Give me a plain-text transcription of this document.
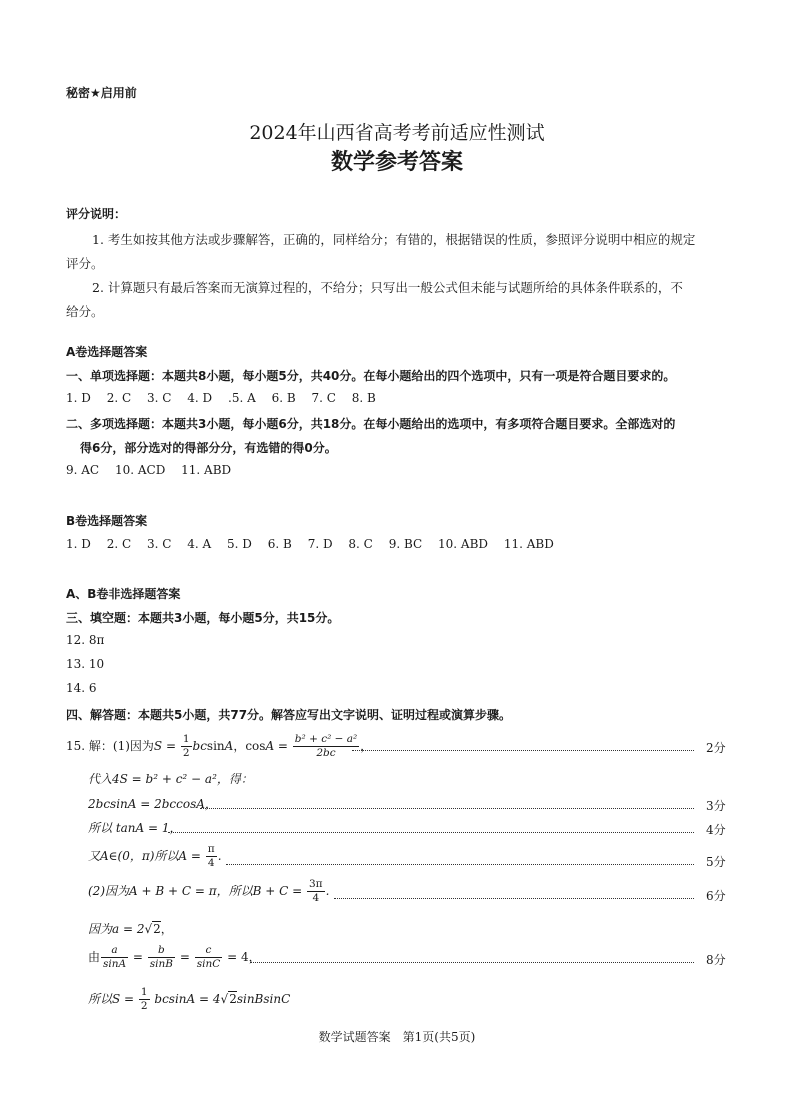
秘密★启用前
2024年山西省高考考前适应性测试
数学参考答案
评分说明：
1. 考生如按其他方法或步骤解答，正确的，同样给分；有错的，根据错误的性质，参照评分说明中相应的规定
评分。
2. 计算题只有最后答案而无演算过程的，不给分；只写出一般公式但未能与试题所给的具体条件联系的，不
给分。
A卷选择题答案
一、单项选择题：本题共8小题，每小题5分，共40分。在每小题给出的四个选项中，只有一项是符合题目要求的。
1. D 2. C 3. C 4. D .5. A 6. B 7. C 8. B
二、多项选择题：本题共3小题，每小题6分，共18分。在每小题给出的选项中，有多项符合题目要求。全部选对的
得6分，部分选对的得部分分，有选错的得0分。
9. AC 10. ACD 11. ABD
B卷选择题答案
1. D 2. C 3. C 4. A 5. D 6. B 7. D 8. C 9. BC 10. ABD 11. ABD
A、B卷非选择题答案
三、填空题：本题共3小题，每小题5分，共15分。
12. 8π
13. 10
14. 6
四、解答题：本题共5小题，共77分。解答应写出文字说明、证明过程或演算步骤。
15. 解：(1)因为$S = \frac{1}{2}$ bcsinA，$\cos A = \frac{\text{b² + c² − a²}}{2bc}$ ，	2分
代入4S = b² + c² − a²，得：
2bcsinA = 2bccosA，	3分
所以 tanA = 1，	4分
又A∈(0，π)所以$A = \frac{\pi}{4}$ .	5分
(2)因为A + B + C = π，所以$B + C = \frac{3\pi}{4}$ .	6分
因为a = 2√2，
由 $\frac{a}{\sin A} = \frac{b}{\sin B} = \frac{c}{\sin C} = 4$，	8分
所以$S = \frac{1}{2}$ bcsinA = 4√2sinBsinC
数学试题答案　第1页(共5页)
